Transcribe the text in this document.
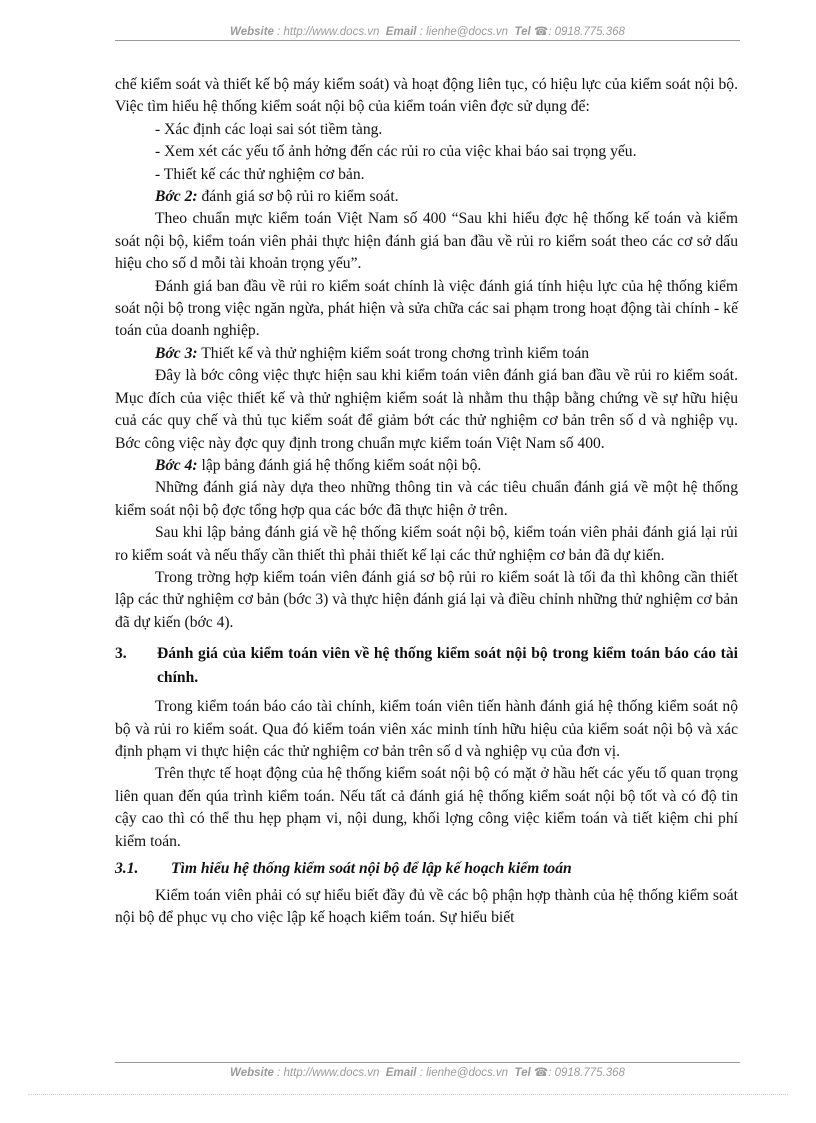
Website : http://www.docs.vn Email : lienhe@docs.vn Tel ☎: 0918.775.368

chế kiểm soát và thiết kế bộ máy kiểm soát) và hoạt động liên tục, có hiệu lực của kiểm soát nội bộ. Việc tìm hiểu hệ thống kiểm soát nội bộ của kiểm toán viên đợc sử dụng để:

- Xác định các loại sai sót tiềm tàng.

- Xem xét các yếu tố ảnh hởng đến các rủi ro của việc khai báo sai trọng yếu.

- Thiết kế các thử nghiệm cơ bản.

Bớc 2: đánh giá sơ bộ rủi ro kiểm soát.

Theo chuẩn mực kiểm toán Việt Nam số 400 “Sau khi hiểu đợc hệ thống kế toán và kiểm soát nội bộ, kiểm toán viên phải thực hiện đánh giá ban đầu về rủi ro kiểm soát theo các cơ sở dấu hiệu cho số d mỗi tài khoản trọng yếu”.

Đánh giá ban đầu về rủi ro kiểm soát chính là việc đánh giá tính hiệu lực của hệ thống kiểm soát nội bộ trong việc ngăn ngừa, phát hiện và sửa chữa các sai phạm trong hoạt động tài chính - kế toán của doanh nghiệp.

Bớc 3: Thiết kế và thử nghiệm kiểm soát trong chơng trình kiểm toán

Đây là bớc công việc thực hiện sau khi kiểm toán viên đánh giá ban đầu về rủi ro kiểm soát. Mục đích của việc thiết kế và thử nghiệm kiểm soát là nhằm thu thập bằng chứng về sự hữu hiệu cuả các quy chế và thủ tục kiểm soát để giảm bớt các thử nghiệm cơ bản trên số d và nghiệp vụ. Bớc công việc này đợc quy định trong chuẩn mực kiểm toán Việt Nam số 400.

Bớc 4: lập bảng đánh giá hệ thống kiểm soát nội bộ.

Những đánh giá này dựa theo những thông tin và các tiêu chuẩn đánh giá về một hệ thống kiểm soát nội bộ đợc tổng hợp qua các bớc đã thực hiện ở trên.

Sau khi lập bảng đánh giá về hệ thống kiểm soát nội bộ, kiểm toán viên phải đánh giá lại rủi ro kiểm soát và nếu thấy cần thiết thì phải thiết kế lại các thử nghiệm cơ bản đã dự kiến.

Trong trờng hợp kiểm toán viên đánh giá sơ bộ rủi ro kiểm soát là tối đa thì không cần thiết lập các thử nghiệm cơ bản (bớc 3) và thực hiện đánh giá lại và điều chỉnh những thử nghiệm cơ bản đã dự kiến (bớc 4).

3.	Đánh giá của kiểm toán viên về hệ thống kiểm soát nội bộ trong kiểm toán báo cáo tài chính.

Trong kiểm toán báo cáo tài chính, kiểm toán viên tiến hành đánh giá hệ thống kiểm soát nộ bộ và rủi ro kiểm soát. Qua đó kiểm toán viên xác minh tính hữu hiệu của kiểm soát nội bộ và xác định phạm vi thực hiện các thử nghiệm cơ bản trên số d và nghiệp vụ của đơn vị.

Trên thực tế hoạt động của hệ thống kiểm soát nội bộ có mặt ở hầu hết các yếu tố quan trọng liên quan đến qúa trình kiểm toán. Nếu tất cả đánh giá hệ thống kiểm soát nội bộ tốt và có độ tin cậy cao thì có thể thu hẹp phạm vi, nội dung, khối lợng công việc kiểm toán và tiết kiệm chi phí kiểm toán.

3.1.	Tìm hiểu hệ thống kiểm soát nội bộ để lập kế hoạch kiểm toán

Kiểm toán viên phải có sự hiểu biết đầy đủ về các bộ phận hợp thành của hệ thống kiểm soát nội bộ để phục vụ cho việc lập kế hoạch kiểm toán. Sự hiểu biết

Website : http://www.docs.vn Email : lienhe@docs.vn Tel ☎: 0918.775.368
